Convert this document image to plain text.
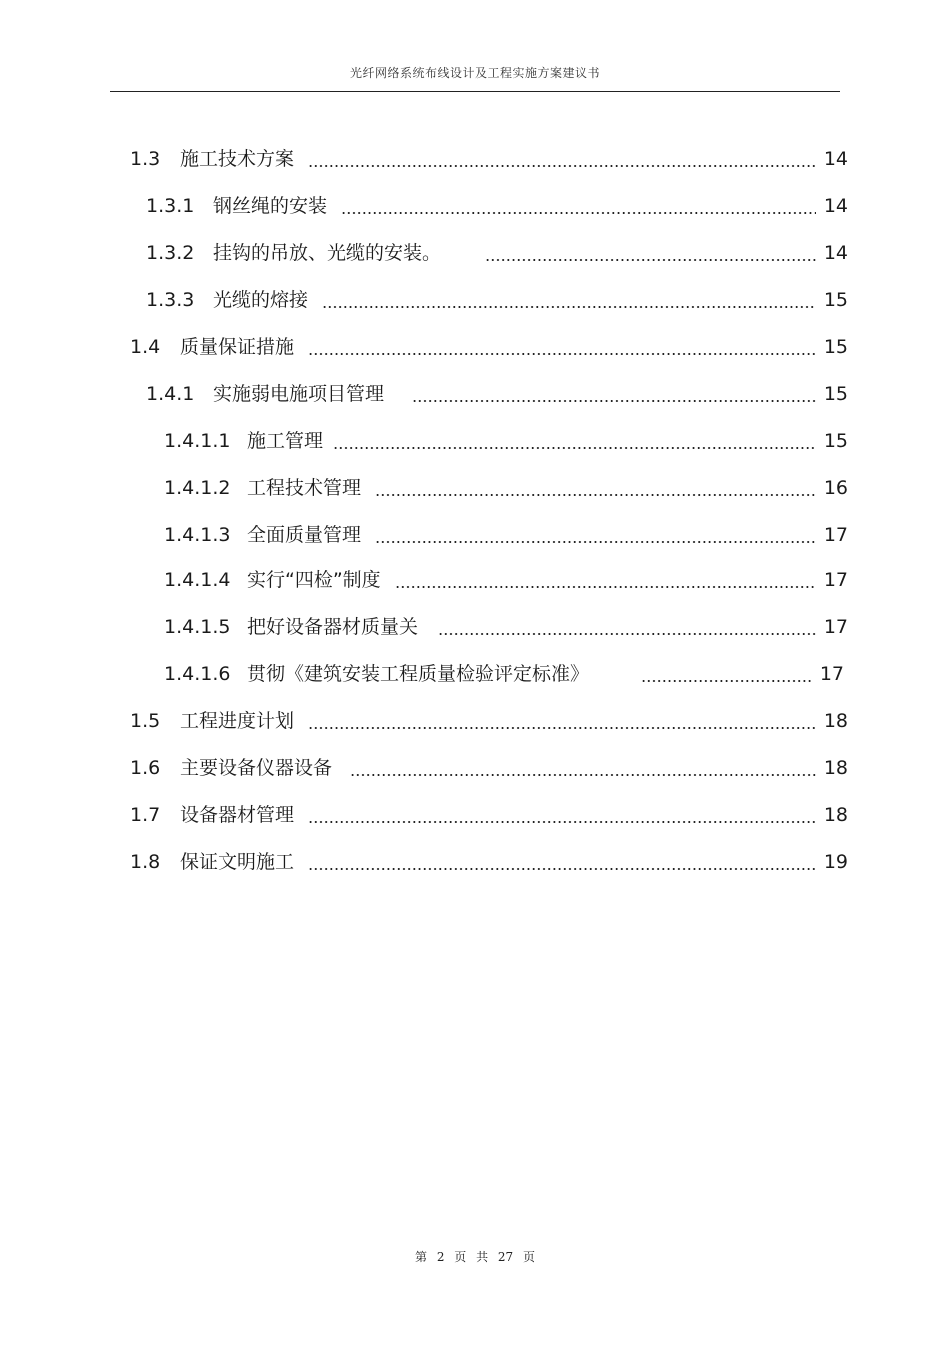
光纤网络系统布线设计及工程实施方案建议书
1.3	施工技术方案	14
1.3.1 钢丝绳的安装	14
1.3.2 挂钩的吊放、光缆的安装。	14
1.3.3 光缆的熔接	15
1.4	质量保证措施	15
1.4.1 实施弱电施项目管理	15
1.4.1.1 施工管理	15
1.4.1.2 工程技术管理	16
1.4.1.3 全面质量管理	17
1.4.1.4 实行“四检”制度	17
1.4.1.5 把好设备器材质量关	17
1.4.1.6 贯彻《建筑安装工程质量检验评定标准》	17
1.5	工程进度计划	18
1.6	主要设备仪器设备	18
1.7	设备器材管理	18
1.8	保证文明施工	19
第 2 页 共 27 页
